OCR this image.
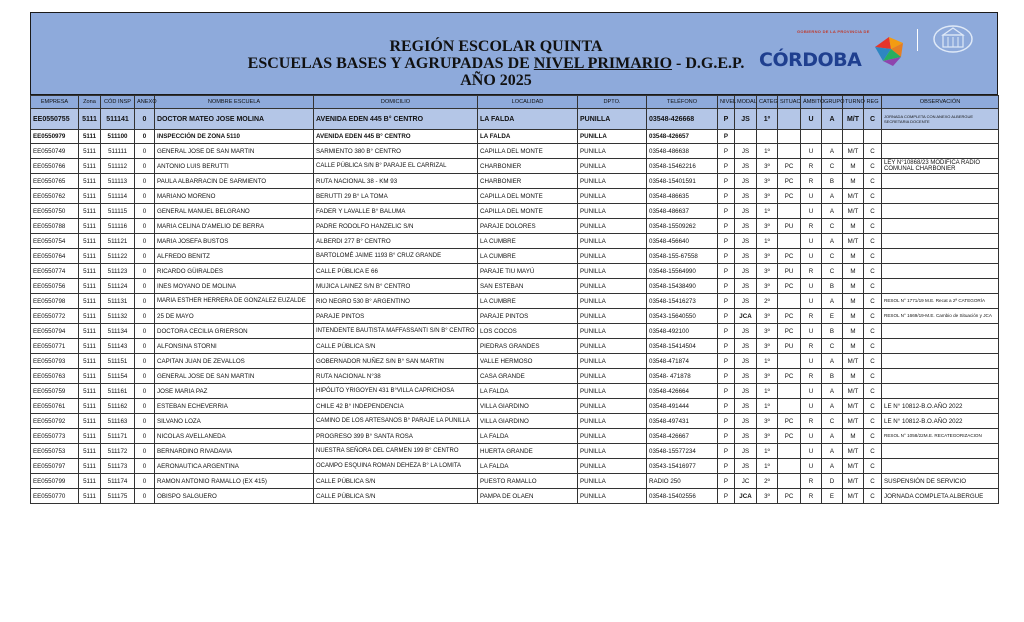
REGIÓN ESCOLAR QUINTA
ESCUELAS BASES Y AGRUPADAS DE NIVEL PRIMARIO - D.G.E.P.
AÑO 2025
GOBIERNO DE LA PROVINCIA DE
CÓRDOBA
EMPRESA	Zona	CÓD INSP	ANEXO	NOMBRE ESCUELA	DOMICILIO	LOCALIDAD	DPTO.	TELÉFONO	NIVEL	MODAL	CATEG	SITUAC	ÁMBITO	GRUPO	TURNO	REG	OBSERVACIÓN
EE0550755	5111	511141	0	DOCTOR MATEO JOSE MOLINA	AVENIDA EDEN 445 B° CENTRO	LA FALDA	PUNILLA	03548-426668	P	JS	1º		U	A	M/T	C	JORNADA COMPLETA CON ANEXO ALBERGUE SECRETARIA DOCENTE
EE0550979	5111	511100	0	INSPECCIÓN DE ZONA 5110	AVENIDA EDEN 445 B° CENTRO	LA FALDA	PUNILLA	03548-426657	P								
EE0550749	5111	511111	0	GENERAL JOSE DE SAN MARTIN	SARMIENTO 380 B° CENTRO	CAPILLA DEL MONTE	PUNILLA	03548-486638	P	JS	1º		U	A	M/T	C	
EE0550766	5111	511112	0	ANTONIO LUIS BERUTTI	CALLE PÚBLICA S/N B° PARAJE EL CARRIZAL	CHARBONIER	PUNILLA	03548-15462216	P	JS	3º	PC	R	C	M	C	LEY N°10868/23 MODIFICA RADIO COMUNAL CHARBONIER
EE0550765	5111	511113	0	PAULA ALBARRACIN DE SARMIENTO	RUTA NACIONAL 38 - KM 93	CHARBONIER	PUNILLA	03548-15401591	P	JS	3º	PC	R	B	M	C	
EE0550762	5111	511114	0	MARIANO MORENO	BERUTTI 29 B° LA TOMA	CAPILLA DEL MONTE	PUNILLA	03548-486635	P	JS	3º	PC	U	A	M/T	C	
EE0550750	5111	511115	0	GENERAL MANUEL BELGRANO	FADER Y LAVALLE B° BALUMA	CAPILLA DEL MONTE	PUNILLA	03548-486637	P	JS	1º		U	A	M/T	C	
EE0550788	5111	511116	0	MARIA CELINA D'AMELIO DE BERRA	PADRE RODOLFO HANZELIC S/N	PARAJE DOLORES	PUNILLA	03548-15509262	P	JS	3º	PU	R	C	M	C	
EE0550754	5111	511121	0	MARIA JOSEFA BUSTOS	ALBERDI 277 B° CENTRO	LA CUMBRE	PUNILLA	03548-456640	P	JS	1º		U	A	M/T	C	
EE0550764	5111	511122	0	ALFREDO BENITZ	BARTOLOMÉ JAIME 1193 B° CRUZ GRANDE	LA CUMBRE	PUNILLA	03548-155-67558	P	JS	3º	PC	U	C	M	C	
EE0550774	5111	511123	0	RICARDO GÜIRALDES	CALLE PÚBLICA E 66	PARAJE TIU MAYÚ	PUNILLA	03548-15564990	P	JS	3º	PU	R	C	M	C	
EE0550756	5111	511124	0	INES MOYANO DE MOLINA	MUJICA LAINEZ S/N B° CENTRO	SAN ESTEBAN	PUNILLA	03548-15438490	P	JS	3º	PC	U	B	M	C	
EE0550798	5111	511131	0	MARIA ESTHER HERRERA DE GONZALEZ EUZALDE	RIO NEGRO 530 B° ARGENTINO	LA CUMBRE	PUNILLA	03548-15416273	P	JS	2º		U	A	M	C	RESOL N° 1771/19 M.E. Recat a 2ª CATEGORÍA
EE0550772	5111	511132	0	25 DE MAYO	PARAJE PINTOS	PARAJE PINTOS	PUNILLA	03543-15640550	P	JCA	3º	PC	R	E	M	C	RESOL N° 1669/19-M.E. Cambio de Situación y JCA
EE0550794	5111	511134	0	DOCTORA CECILIA GRIERSON	INTENDENTE BAUTISTA MAFFASSANTI S/N B° CENTRO	LOS COCOS	PUNILLA	03548-492100	P	JS	3º	PC	U	B	M	C	
EE0550771	5111	511143	0	ALFONSINA STORNI	CALLE PÚBLICA S/N	PIEDRAS GRANDES	PUNILLA	03548-15414504	P	JS	3º	PU	R	C	M	C	
EE0550793	5111	511151	0	CAPITAN JUAN DE ZEVALLOS	GOBERNADOR NUÑEZ S/N B° SAN MARTIN	VALLE HERMOSO	PUNILLA	03548-471874	P	JS	1º		U	A	M/T	C	
EE0550763	5111	511154	0	GENERAL JOSE DE SAN MARTIN	RUTA NACIONAL N°38	CASA GRANDE	PUNILLA	03548- 471878	P	JS	3º	PC	R	B	M	C	
EE0550759	5111	511161	0	JOSE MARIA PAZ	HIPÓLITO YRIGOYEN 431 B°VILLA CAPRICHOSA	LA FALDA	PUNILLA	03548-426664	P	JS	1º		U	A	M/T	C	
EE0550761	5111	511162	0	ESTEBAN ECHEVERRIA	CHILE 42 B° INDEPENDENCIA	VILLA GIARDINO	PUNILLA	03548-491444	P	JS	1º		U	A	M/T	C	LE N° 10812-B.O.AÑO 2022
EE0550792	5111	511163	0	SILVANO LOZA	CAMINO DE LOS ARTESANOS B° PARAJE LA PUNILLA	VILLA GIARDINO	PUNILLA	03548-497431	P	JS	3º	PC	R	C	M/T	C	LE N° 10812-B.O.AÑO 2022
EE0550773	5111	511171	0	NICOLAS AVELLANEDA	PROGRESO 399 B° SANTA ROSA	LA FALDA	PUNILLA	03548-426667	P	JS	3º	PC	U	A	M	C	RESOL N° 1058/22M.E. RECATEGORIZACION
EE0550753	5111	511172	0	BERNARDINO RIVADAVIA	NUESTRA SEÑORA DEL CARMEN 199 B° CENTRO	HUERTA GRANDE	PUNILLA	03548-15577234	P	JS	1º		U	A	M/T	C	
EE0550797	5111	511173	0	AERONAUTICA ARGENTINA	OCAMPO ESQUINA ROMAN DEHEZA B° LA LOMITA	LA FALDA	PUNILLA	03543-15416977	P	JS	1º		U	A	M/T	C	
EE0550799	5111	511174	0	RAMON ANTONIO RAMALLO (EX 415)	CALLE PÚBLICA S/N	PUESTO RAMALLO	PUNILLA	RADIO 250	P	JC	2º		R	D	M/T	C	SUSPENSIÓN DE SERVICIO
EE0550770	5111	511175	0	OBISPO SALGUERO	CALLE PÚBLICA S/N	PAMPA DE OLAEN	PUNILLA	03548-15402556	P	JCA	3º	PC	R	E	M/T	C	JORNADA COMPLETA ALBERGUE
